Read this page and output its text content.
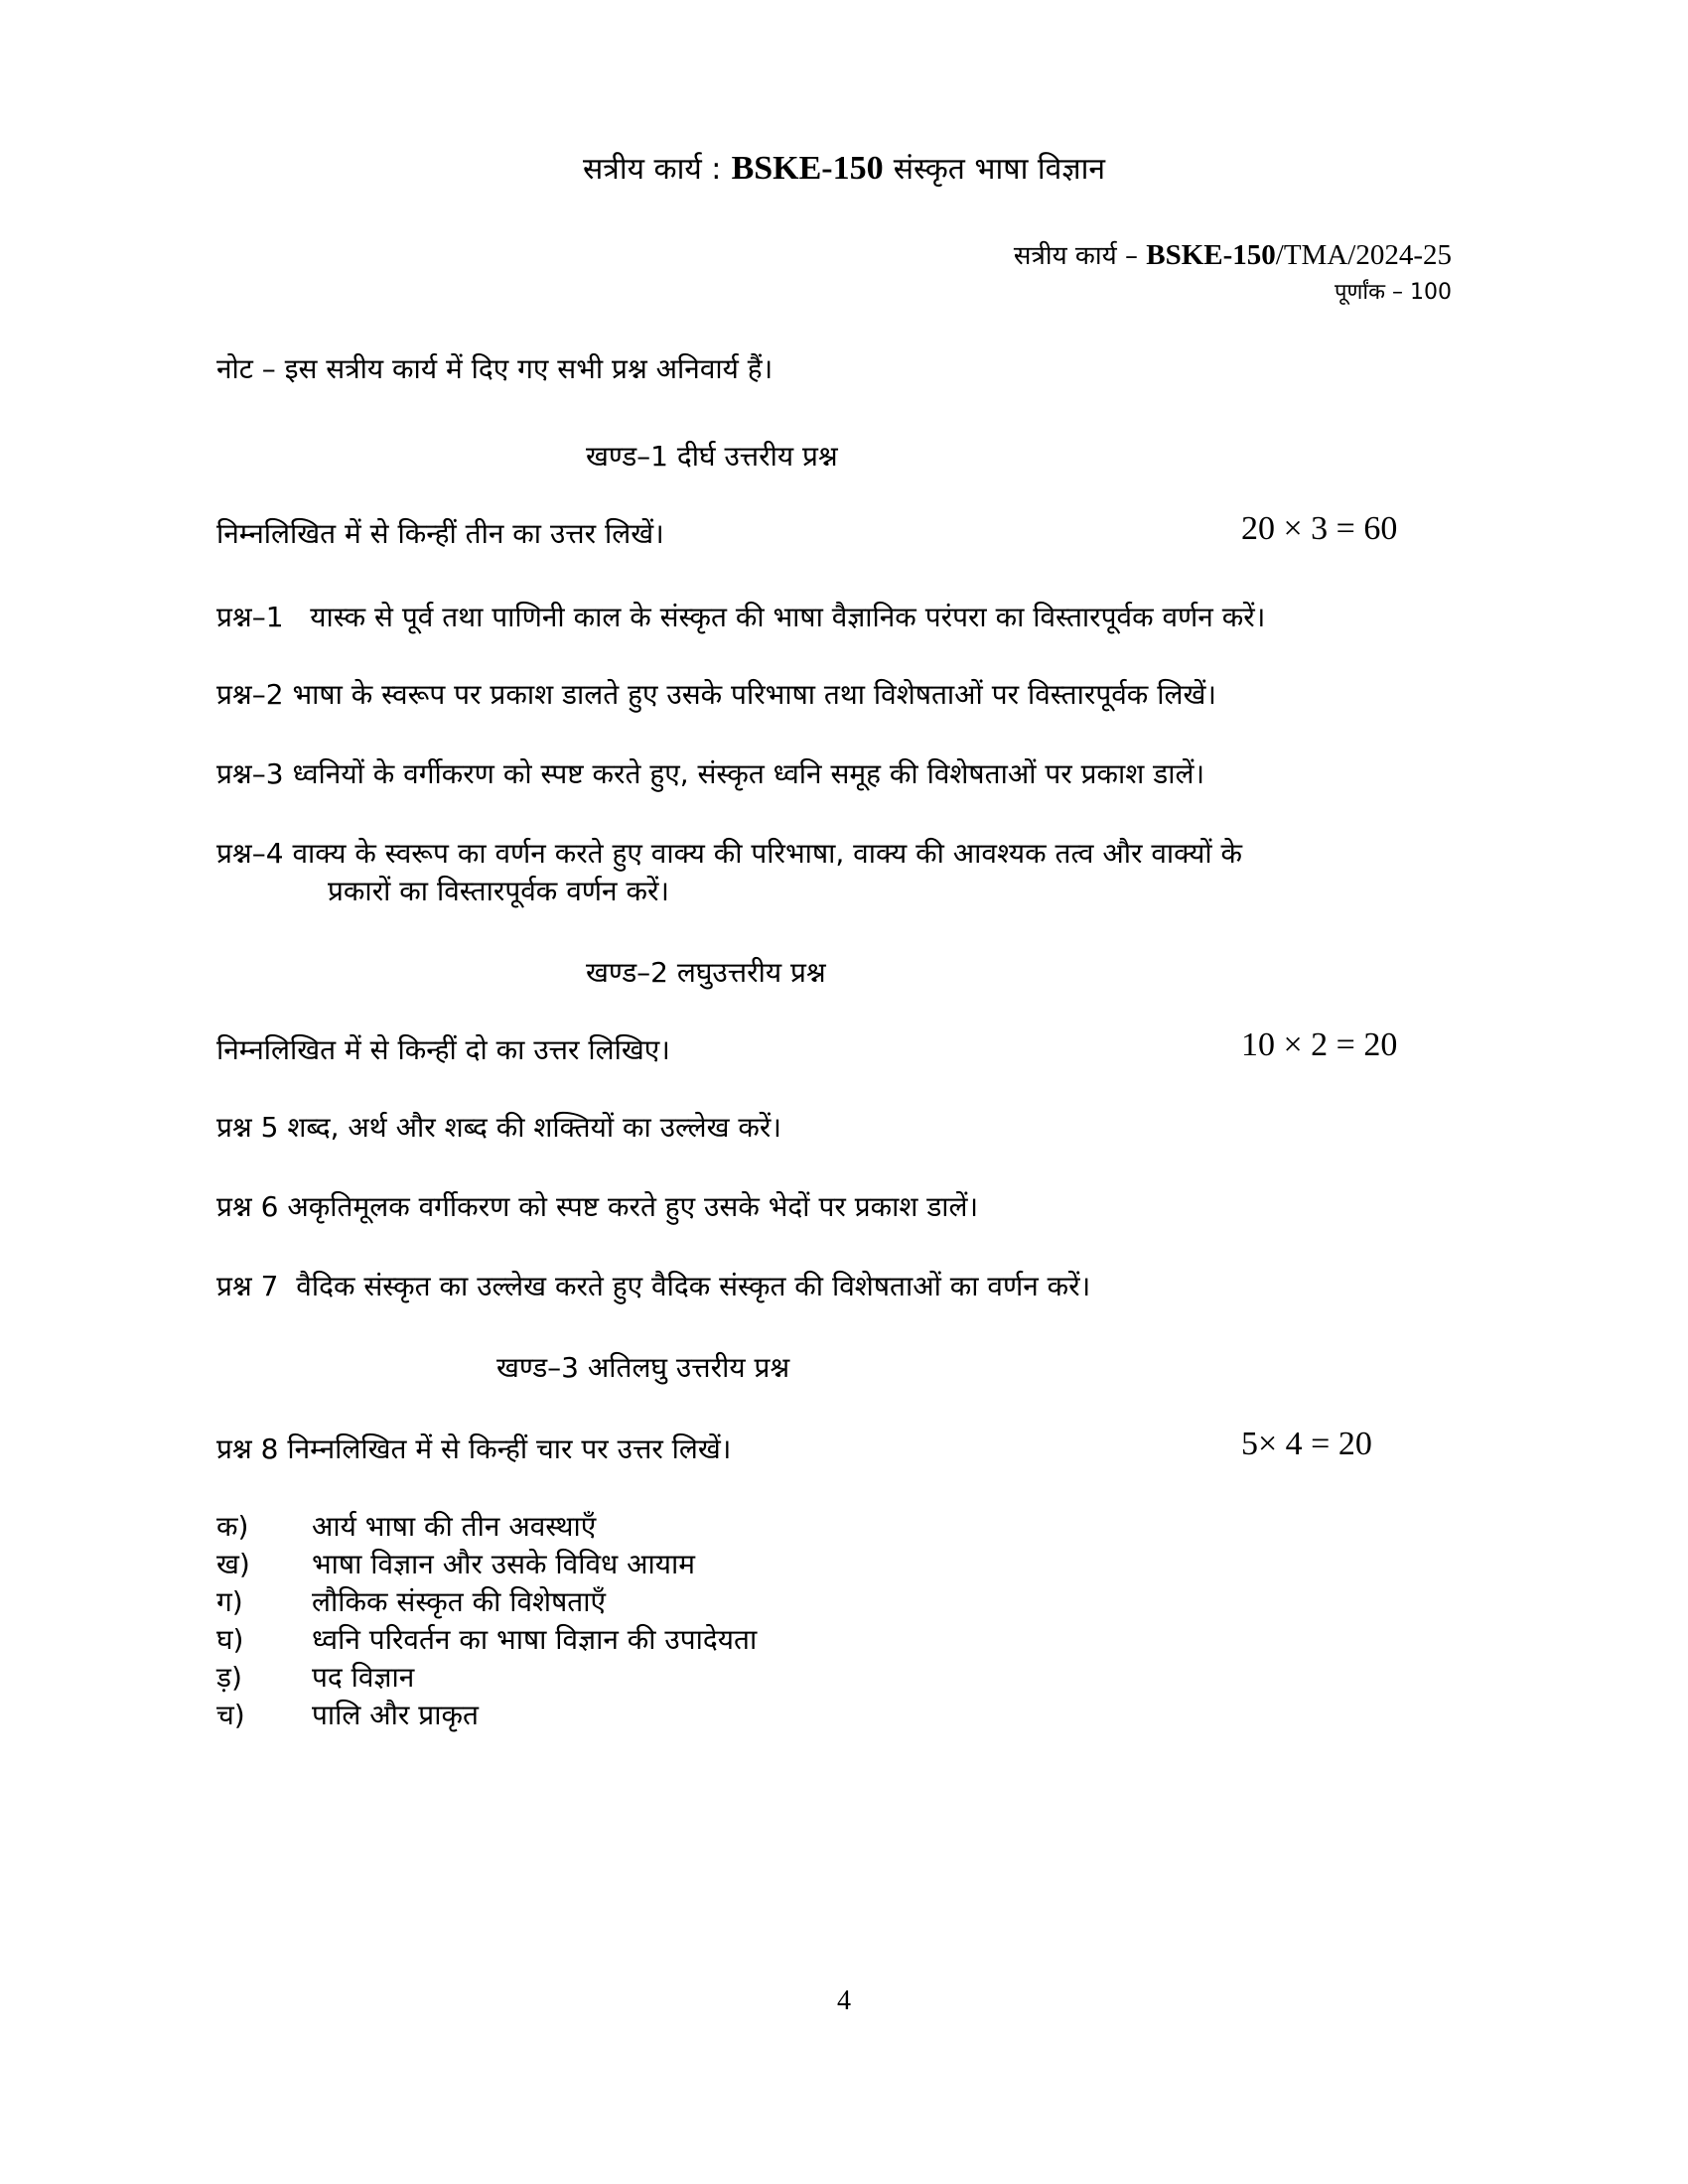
सत्रीय कार्य : BSKE-150 संस्कृत भाषा विज्ञान
सत्रीय कार्य – BSKE-150/TMA/2024-25
पूर्णांक – 100
नोट – इस सत्रीय कार्य में दिए गए सभी प्रश्न अनिवार्य हैं।
खण्ड–1 दीर्घ उत्तरीय प्रश्न
निम्नलिखित में से किन्हीं तीन का उत्तर लिखें।	20 × 3 = 60
प्रश्न–1 यास्क से पूर्व तथा पाणिनी काल के संस्कृत की भाषा वैज्ञानिक परंपरा का विस्तारपूर्वक वर्णन करें।
प्रश्न–2 भाषा के स्वरूप पर प्रकाश डालते हुए उसके परिभाषा तथा विशेषताओं पर विस्तारपूर्वक लिखें।
प्रश्न–3 ध्वनियों के वर्गीकरण को स्पष्ट करते हुए, संस्कृत ध्वनि समूह की विशेषताओं पर प्रकाश डालें।
प्रश्न–4 वाक्य के स्वरूप का वर्णन करते हुए वाक्य की परिभाषा, वाक्य की आवश्यक तत्व और वाक्यों के
प्रकारों का विस्तारपूर्वक वर्णन करें।
खण्ड–2 लघुउत्तरीय प्रश्न
निम्नलिखित में से किन्हीं दो का उत्तर लिखिए।	10 × 2 = 20
प्रश्न 5 शब्द, अर्थ और शब्द की शक्तियों का उल्लेख करें।
प्रश्न 6 अकृतिमूलक वर्गीकरण को स्पष्ट करते हुए उसके भेदों पर प्रकाश डालें।
प्रश्न 7 वैदिक संस्कृत का उल्लेख करते हुए वैदिक संस्कृत की विशेषताओं का वर्णन करें।
खण्ड–3 अतिलघु उत्तरीय प्रश्न
प्रश्न 8 निम्नलिखित में से किन्हीं चार पर उत्तर लिखें।	5× 4 = 20
क) आर्य भाषा की तीन अवस्थाएँ
ख) भाषा विज्ञान और उसके विविध आयाम
ग) लौकिक संस्कृत की विशेषताएँ
घ) ध्वनि परिवर्तन का भाषा विज्ञान की उपादेयता
ड़)	पद विज्ञान
च) पालि और प्राकृत
4
